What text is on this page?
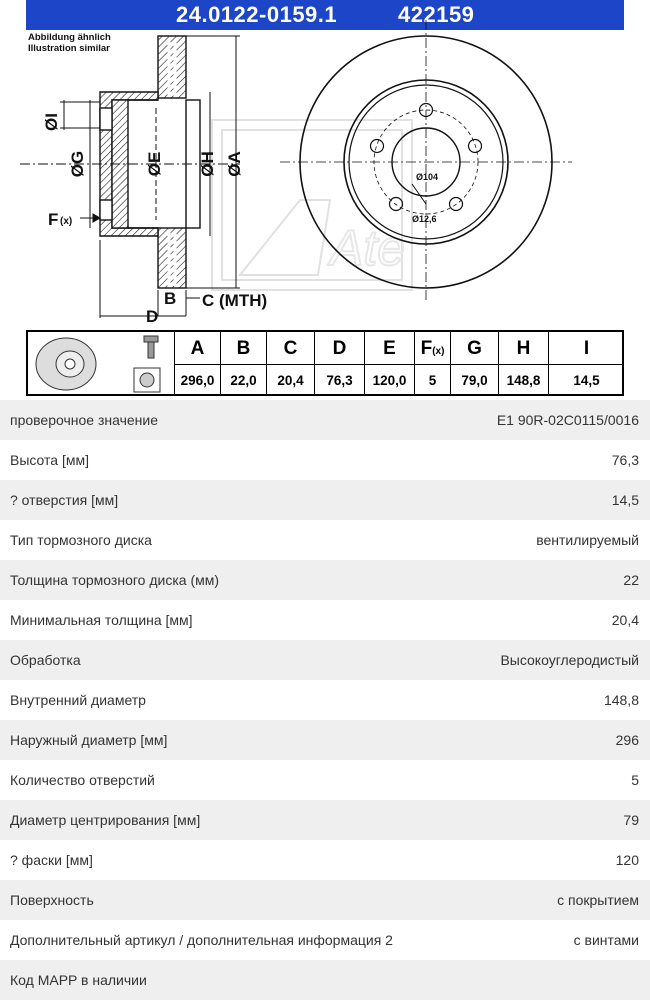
24.0122-0159.1	422159
Abbildung ähnlich
Illustration similar
Ate
ØI
ØG	ØE ØH ØA
F (x)
B C (MTH)
D
Ø104
Ø12,6
A	B	C	D	E	F(x)	G	H	I
296,0	22,0	20,4	76,3	120,0	5	79,0	148,8	14,5
проверочное значение	E1 90R-02C0115/0016
Высота [мм]	76,3
? отверстия [мм]	14,5
Тип тормозного диска	вентилируемый
Толщина тормозного диска (мм)	22
Минимальная толщина [мм]	20,4
Обработка	Высокоуглеродистый
Внутренний диаметр	148,8
Наружный диаметр [мм]	296
Количество отверстий	5
Диаметр центрирования [мм]	79
? фаски [мм]	120
Поверхность	с покрытием
Дополнительный артикул / дополнительная информация 2	с винтами
Код MAPP в наличии
